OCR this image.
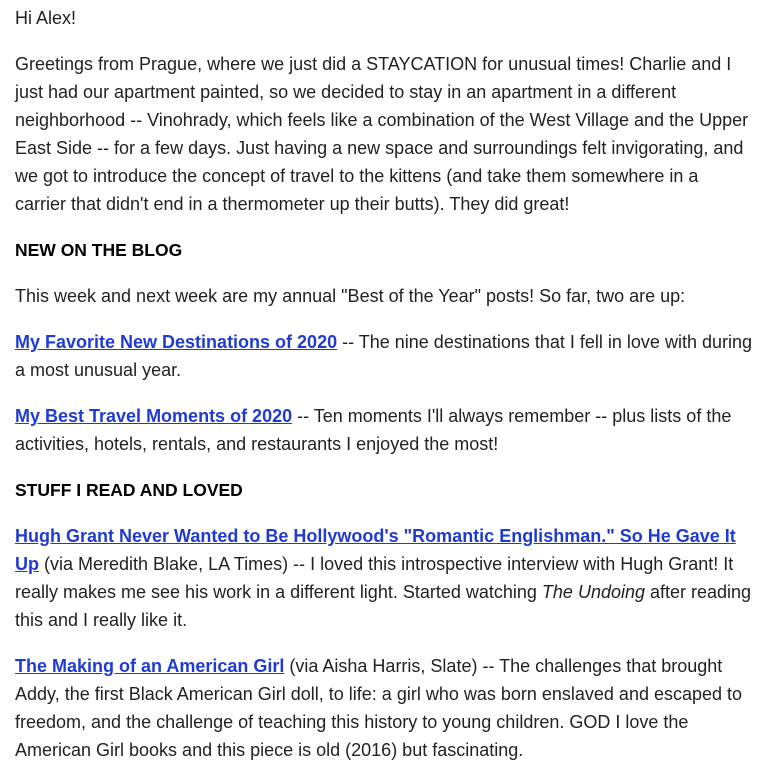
Hi Alex!

Greetings from Prague, where we just did a STAYCATION for unusual times! Charlie and I just had our apartment painted, so we decided to stay in an apartment in a different neighborhood -- Vinohrady, which feels like a combination of the West Village and the Upper East Side -- for a few days. Just having a new space and surroundings felt invigorating, and we got to introduce the concept of travel to the kittens (and take them somewhere in a carrier that didn't end in a thermometer up their butts). They did great!

NEW ON THE BLOG

This week and next week are my annual "Best of the Year" posts! So far, two are up:

My Favorite New Destinations of 2020 -- The nine destinations that I fell in love with during a most unusual year.

My Best Travel Moments of 2020 -- Ten moments I'll always remember -- plus lists of the activities, hotels, rentals, and restaurants I enjoyed the most!

STUFF I READ AND LOVED

Hugh Grant Never Wanted to Be Hollywood's "Romantic Englishman." So He Gave It Up (via Meredith Blake, LA Times) -- I loved this introspective interview with Hugh Grant! It really makes me see his work in a different light. Started watching The Undoing after reading this and I really like it.

The Making of an American Girl (via Aisha Harris, Slate) -- The challenges that brought Addy, the first Black American Girl doll, to life: a girl who was born enslaved and escaped to freedom, and the challenge of teaching this history to young children. GOD I love the American Girl books and this piece is old (2016) but fascinating.
